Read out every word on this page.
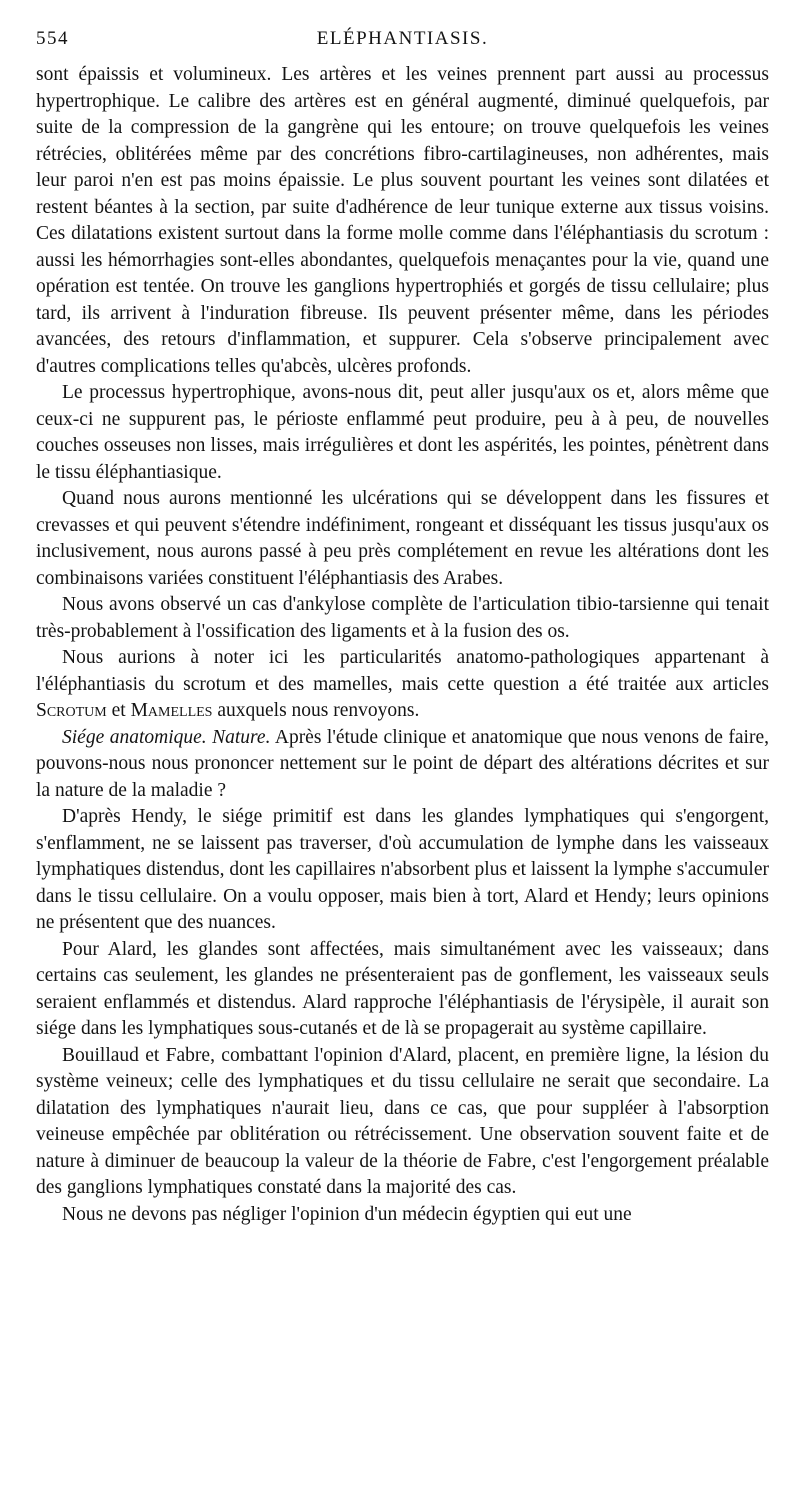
554	ELÉPHANTIASIS.

sont épaissis et volumineux. Les artères et les veines prennent part aussi au processus hypertrophique. Le calibre des artères est en général augmenté, diminué quelquefois, par suite de la compression de la gangrène qui les entoure; on trouve quelquefois les veines rétrécies, oblitérées même par des concrétions fibro-cartilagineuses, non adhérentes, mais leur paroi n'en est pas moins épaissie. Le plus souvent pourtant les veines sont dilatées et restent béantes à la section, par suite d'adhérence de leur tunique externe aux tissus voisins. Ces dilatations existent surtout dans la forme molle comme dans l'éléphantiasis du scrotum : aussi les hémorrhagies sont-elles abondantes, quelquefois menaçantes pour la vie, quand une opération est tentée. On trouve les ganglions hypertrophiés et gorgés de tissu cellulaire; plus tard, ils arrivent à l'induration fibreuse. Ils peuvent présenter même, dans les périodes avancées, des retours d'inflammation, et suppurer. Cela s'observe principalement avec d'autres complications telles qu'abcès, ulcères profonds.

Le processus hypertrophique, avons-nous dit, peut aller jusqu'aux os et, alors même que ceux-ci ne suppurent pas, le périoste enflammé peut produire, peu à à peu, de nouvelles couches osseuses non lisses, mais irrégulières et dont les aspérités, les pointes, pénètrent dans le tissu éléphantiasique.

Quand nous aurons mentionné les ulcérations qui se développent dans les fissures et crevasses et qui peuvent s'étendre indéfiniment, rongeant et disséquant les tissus jusqu'aux os inclusivement, nous aurons passé à peu près complétement en revue les altérations dont les combinaisons variées constituent l'éléphantiasis des Arabes.

Nous avons observé un cas d'ankylose complète de l'articulation tibio-tarsienne qui tenait très-probablement à l'ossification des ligaments et à la fusion des os.

Nous aurions à noter ici les particularités anatomo-pathologiques appartenant à l'éléphantiasis du scrotum et des mamelles, mais cette question a été traitée aux articles Scrotum et Mamelles auxquels nous renvoyons.

Siége anatomique. Nature. Après l'étude clinique et anatomique que nous venons de faire, pouvons-nous nous prononcer nettement sur le point de départ des altérations décrites et sur la nature de la maladie ?

D'après Hendy, le siége primitif est dans les glandes lymphatiques qui s'engorgent, s'enflamment, ne se laissent pas traverser, d'où accumulation de lymphe dans les vaisseaux lymphatiques distendus, dont les capillaires n'absorbent plus et laissent la lymphe s'accumuler dans le tissu cellulaire. On a voulu opposer, mais bien à tort, Alard et Hendy; leurs opinions ne présentent que des nuances.

Pour Alard, les glandes sont affectées, mais simultanément avec les vaisseaux; dans certains cas seulement, les glandes ne présenteraient pas de gonflement, les vaisseaux seuls seraient enflammés et distendus. Alard rapproche l'éléphantiasis de l'érysipèle, il aurait son siége dans les lymphatiques sous-cutanés et de là se propagerait au système capillaire.

Bouillaud et Fabre, combattant l'opinion d'Alard, placent, en première ligne, la lésion du système veineux; celle des lymphatiques et du tissu cellulaire ne serait que secondaire. La dilatation des lymphatiques n'aurait lieu, dans ce cas, que pour suppléer à l'absorption veineuse empêchée par oblitération ou rétrécissement. Une observation souvent faite et de nature à diminuer de beaucoup la valeur de la théorie de Fabre, c'est l'engorgement préalable des ganglions lymphatiques constaté dans la majorité des cas.

Nous ne devons pas négliger l'opinion d'un médecin égyptien qui eut une
